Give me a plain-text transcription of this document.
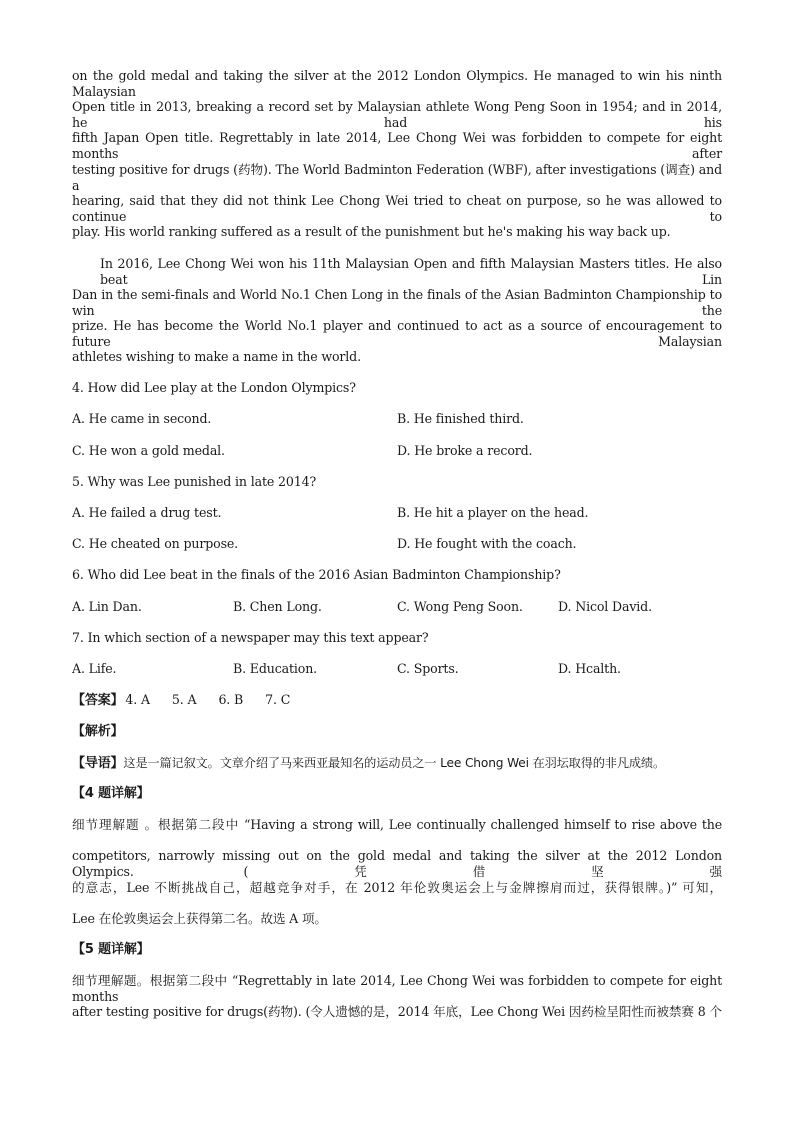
on the gold medal and taking the silver at the 2012 London Olympics. He managed to win his ninth Malaysian
Open title in 2013, breaking a record set by Malaysian athlete Wong Peng Soon in 1954; and in 2014, he had his
fifth Japan Open title. Regrettably in late 2014, Lee Chong Wei was forbidden to compete for eight months after
testing positive for drugs (药物). The World Badminton Federation (WBF), after investigations (调查) and a
hearing, said that they did not think Lee Chong Wei tried to cheat on purpose, so he was allowed to continue to
play. His world ranking suffered as a result of the punishment but he's making his way back up.
In 2016, Lee Chong Wei won his 11th Malaysian Open and fifth Malaysian Masters titles. He also beat Lin
Dan in the semi-finals and World No.1 Chen Long in the finals of the Asian Badminton Championship to win the
prize. He has become the World No.1 player and continued to act as a source of encouragement to future Malaysian
athletes wishing to make a name in the world.
4. How did Lee play at the London Olympics?
A. He came in second.	B. He finished third.
C. He won a gold medal.	D. He broke a record.
5. Why was Lee punished in late 2014?
A. He failed a drug test.	B. He hit a player on the head.
C. He cheated on purpose.	D. He fought with the coach.
6. Who did Lee beat in the finals of the 2016 Asian Badminton Championship?
A. Lin Dan.	B. Chen Long.	C. Wong Peng Soon.	D. Nicol David.
7. In which section of a newspaper may this text appear?
A. Life.	B. Education.	C. Sports.	D. Hcalth.
【答案】 4. A 5. A 6. B 7. C
【解析】
【导语】这是一篇记叙文。文章介绍了马来西亚最知名的运动员之一 Lee Chong Wei 在羽坛取得的非凡成绩。
【4 题详解】
细节理解题 。根据第二段中 “Having a strong will, Lee continually challenged himself to rise above the
competitors, narrowly missing out on the gold medal and taking the silver at the 2012 London Olympics. (凭借坚强
的意志，Lee 不断挑战自己，超越竞争对手，在 2012 年伦敦奥运会上与金牌擦肩而过，获得银牌。)” 可知，
Lee 在伦敦奥运会上获得第二名。故选 A 项。
【5 题详解】
细节理解题。根据第二段中 “Regrettably in late 2014, Lee Chong Wei was forbidden to compete for eight months
after testing positive for drugs(药物). (令人遗憾的是，2014 年底，Lee Chong Wei 因药检呈阳性而被禁赛 8 个
